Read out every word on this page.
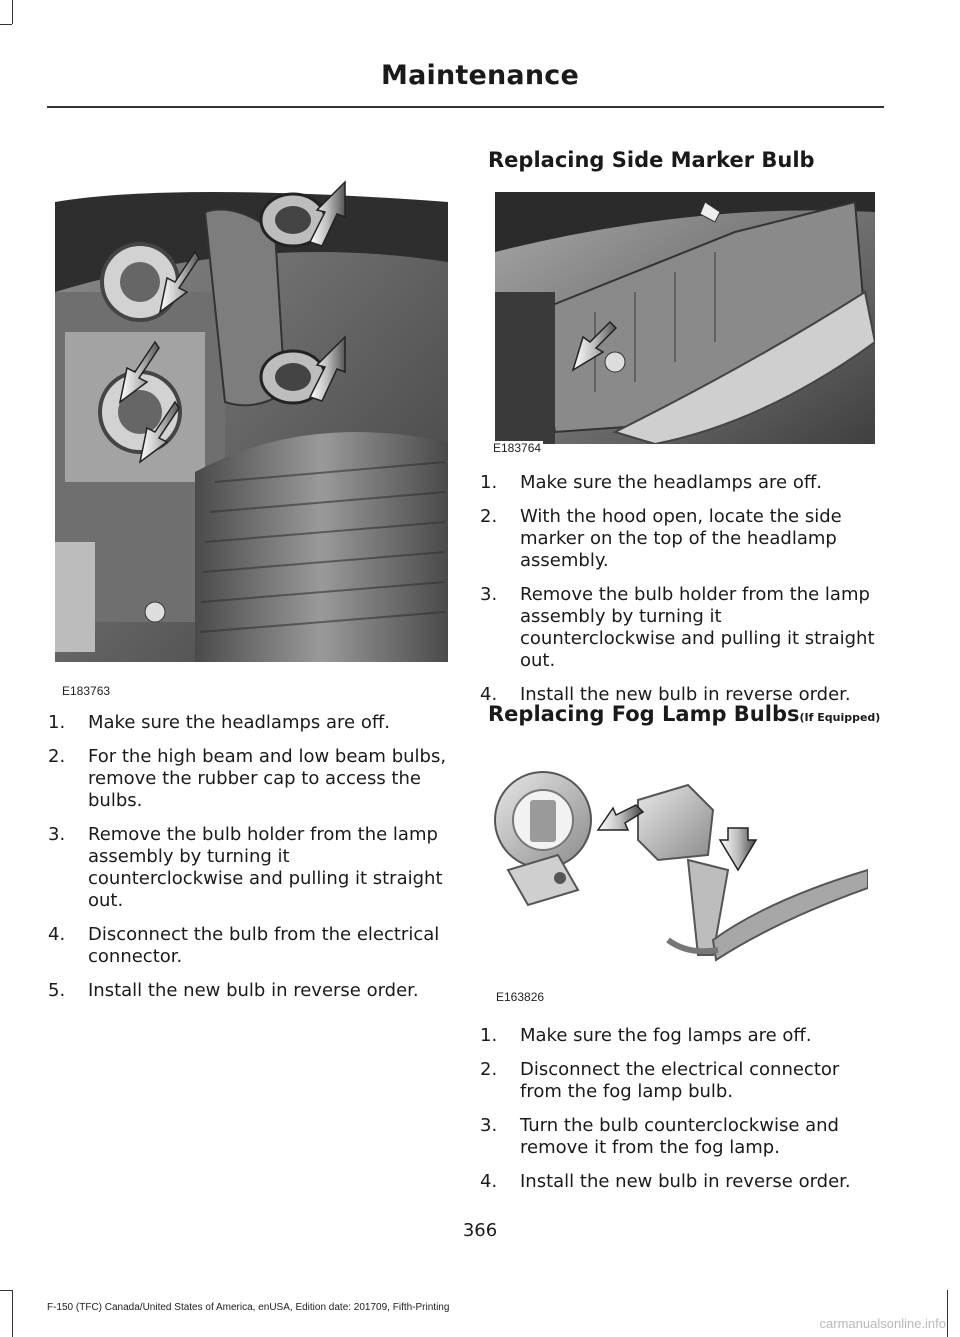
Maintenance
E183763
1. Make sure the headlamps are off.
2. For the high beam and low beam bulbs, remove the rubber cap to access the bulbs.
3. Remove the bulb holder from the lamp assembly by turning it counterclockwise and pulling it straight out.
4. Disconnect the bulb from the electrical connector.
5. Install the new bulb in reverse order.
Replacing Side Marker Bulb
E183764
1. Make sure the headlamps are off.
2. With the hood open, locate the side marker on the top of the headlamp assembly.
3. Remove the bulb holder from the lamp assembly by turning it counterclockwise and pulling it straight out.
4. Install the new bulb in reverse order.
Replacing Fog Lamp Bulbs(If Equipped)
E163826
1. Make sure the fog lamps are off.
2. Disconnect the electrical connector from the fog lamp bulb.
3. Turn the bulb counterclockwise and remove it from the fog lamp.
4. Install the new bulb in reverse order.
366
F-150 (TFC) Canada/United States of America, enUSA, Edition date: 201709, Fifth-Printing
carmanualsonline.info
